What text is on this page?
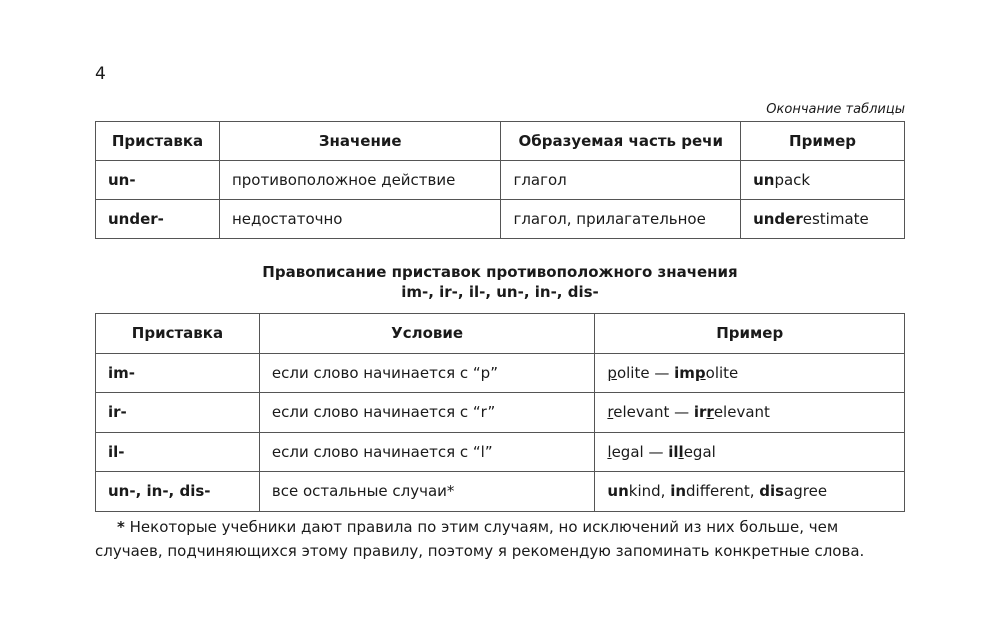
4
Окончание таблицы
Приставка	Значение	Образуемая часть речи	Пример
un-	противоположное действие	глагол	unpack
under-	недостаточно	глагол, прилагательное	underestimate
Правописание приставок противоположного значения
im-, ir-, il-, un-, in-, dis-
Приставка	Условие	Пример
im-	если слово начинается с “p”	polite — impolite
ir-	если слово начинается с “r”	relevant — irrelevant
il-	если слово начинается с “l”	legal — illegal
un-, in-, dis-	все остальные случаи*	unkind, indifferent, disagree
* Некоторые учебники дают правила по этим случаям, но исключений из них больше, чем случаев, подчиняющихся этому правилу, поэтому я рекомендую запоминать конкретные слова.
